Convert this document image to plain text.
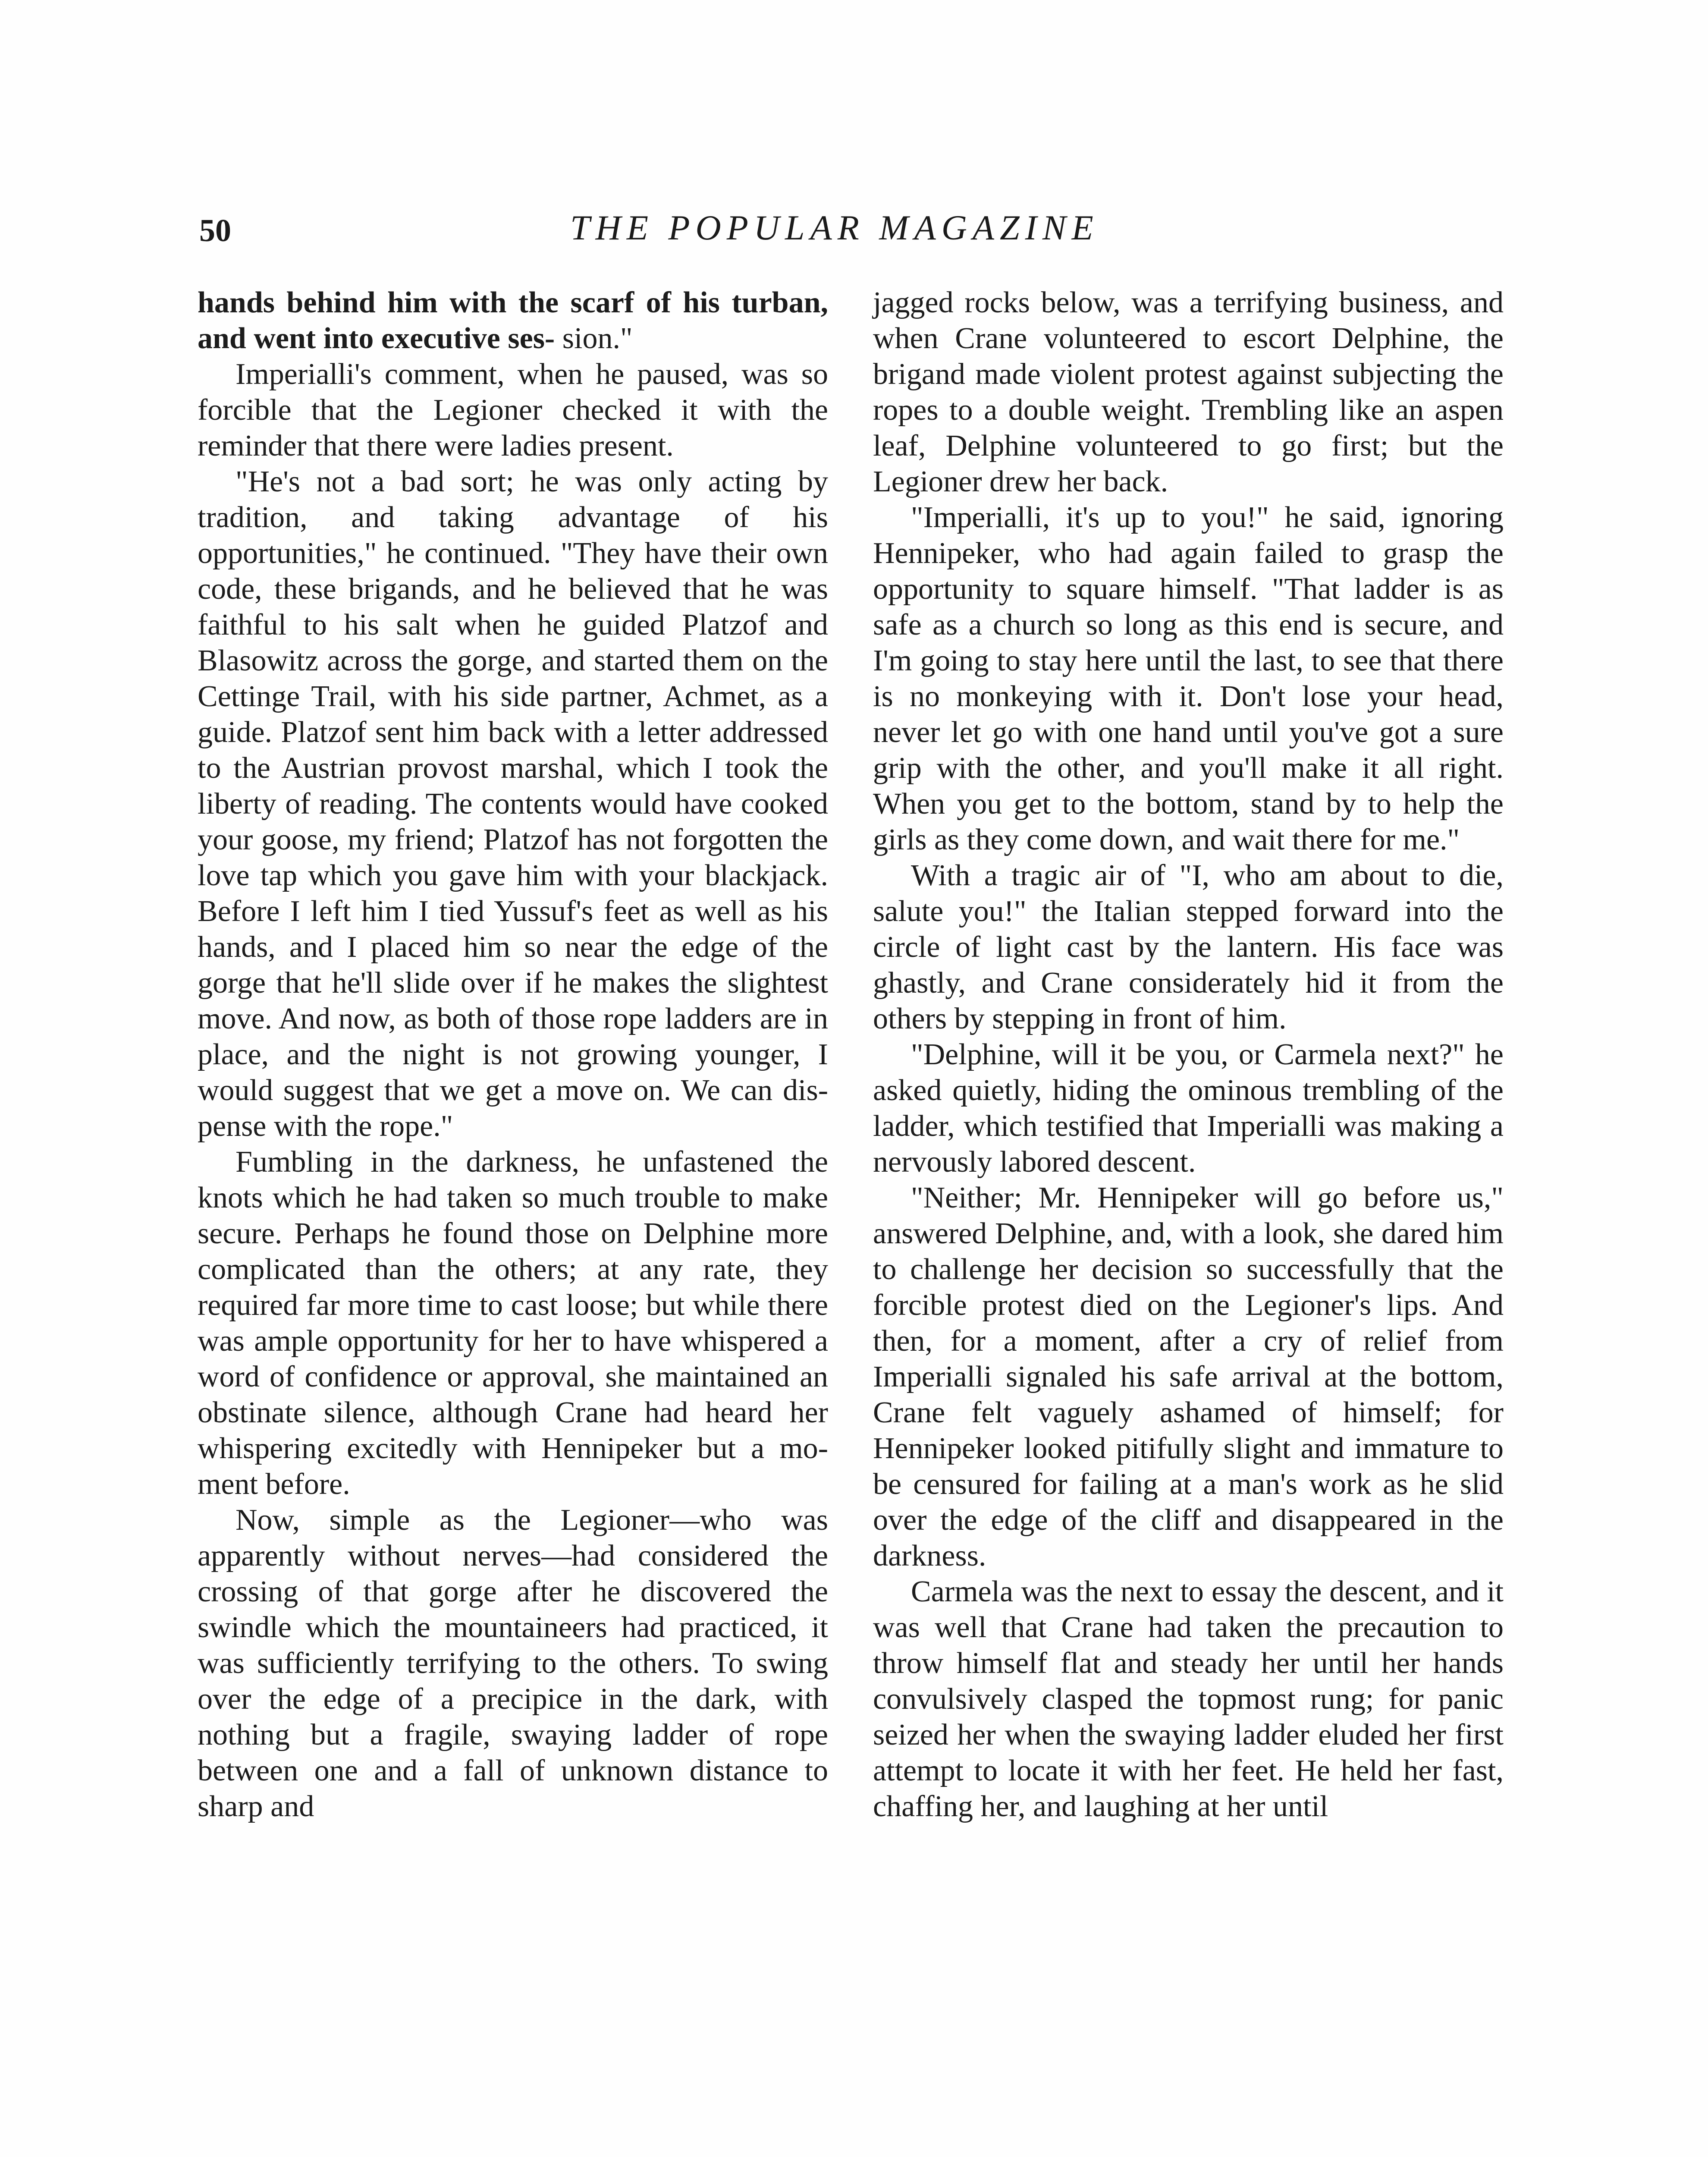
50	THE POPULAR MAGAZINE

hands behind him with the scarf of his turban, and went into executive ses- sion."

Imperialli's comment, when he paused, was so forcible that the Legioner checked it with the reminder that there were ladies present.

"He's not a bad sort; he was only acting by tradition, and taking advantage of his opportunities," he continued. "They have their own code, these brigands, and he believed that he was faithful to his salt when he guided Platzof and Blasowitz across the gorge, and started them on the Cettinge Trail, with his side partner, Achmet, as a guide. Platzof sent him back with a letter addressed to the Austrian provost marshal, which I took the liberty of reading. The contents would have cooked your goose, my friend; Platzof has not forgotten the love tap which you gave him with your blackjack. Before I left him I tied Yussuf's feet as well as his hands, and I placed him so near the edge of the gorge that he'll slide over if he makes the slightest move. And now, as both of those rope ladders are in place, and the night is not growing younger, I would suggest that we get a move on. We can dispense with the rope."

Fumbling in the darkness, he unfastened the knots which he had taken so much trouble to make secure. Perhaps he found those on Delphine more complicated than the others; at any rate, they required far more time to cast loose; but while there was ample opportunity for her to have whispered a word of confidence or approval, she maintained an obstinate silence, although Crane had heard her whispering excitedly with Hennipeker but a moment before.

Now, simple as the Legioner—who was apparently without nerves—had considered the crossing of that gorge after he discovered the swindle which the mountaineers had practiced, it was sufficiently terrifying to the others. To swing over the edge of a precipice in the dark, with nothing but a fragile, swaying ladder of rope between one and a fall of unknown distance to sharp and

jagged rocks below, was a terrifying business, and when Crane volunteered to escort Delphine, the brigand made violent protest against subjecting the ropes to a double weight. Trembling like an aspen leaf, Delphine volunteered to go first; but the Legioner drew her back.

"Imperialli, it's up to you!" he said, ignoring Hennipeker, who had again failed to grasp the opportunity to square himself. "That ladder is as safe as a church so long as this end is secure, and I'm going to stay here until the last, to see that there is no monkeying with it. Don't lose your head, never let go with one hand until you've got a sure grip with the other, and you'll make it all right. When you get to the bottom, stand by to help the girls as they come down, and wait there for me."

With a tragic air of "I, who am about to die, salute you!" the Italian stepped forward into the circle of light cast by the lantern. His face was ghastly, and Crane considerately hid it from the others by stepping in front of him.

"Delphine, will it be you, or Carmela next?" he asked quietly, hiding the ominous trembling of the ladder, which testified that Imperialli was making a nervously labored descent.

"Neither; Mr. Hennipeker will go before us," answered Delphine, and, with a look, she dared him to challenge her decision so successfully that the forcible protest died on the Legioner's lips. And then, for a moment, after a cry of relief from Imperialli signaled his safe arrival at the bottom, Crane felt vaguely ashamed of himself; for Hennipeker looked pitifully slight and immature to be censured for failing at a man's work as he slid over the edge of the cliff and disappeared in the darkness.

Carmela was the next to essay the descent, and it was well that Crane had taken the precaution to throw himself flat and steady her until her hands convulsively clasped the topmost rung; for panic seized her when the swaying ladder eluded her first attempt to locate it with her feet. He held her fast, chaffing her, and laughing at her until
